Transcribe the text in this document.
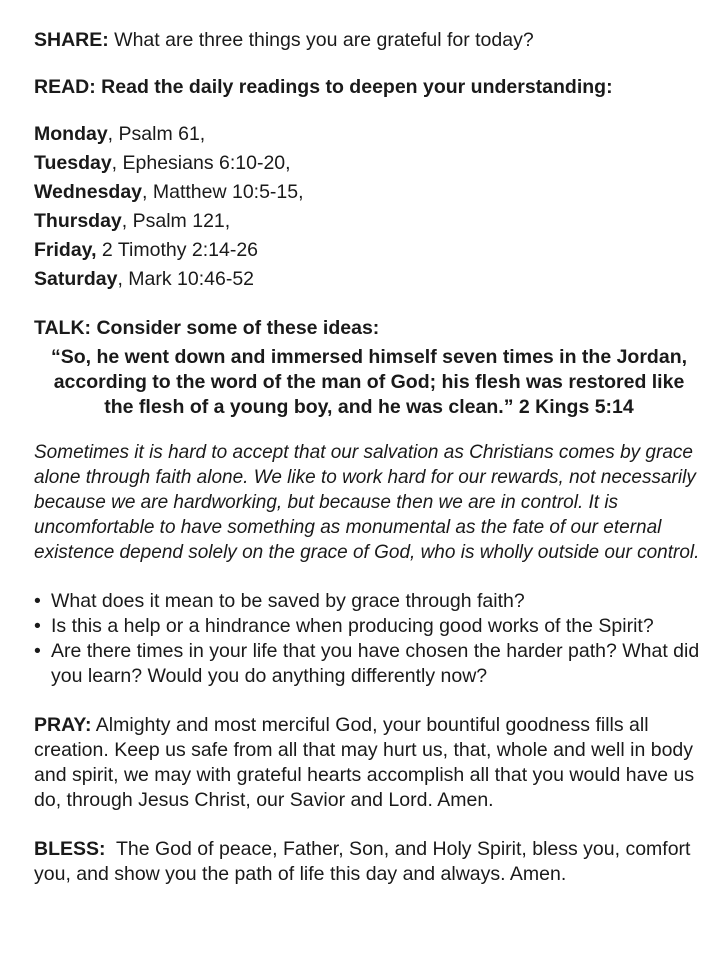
SHARE: What are three things you are grateful for today?

READ: Read the daily readings to deepen your understanding:

Monday, Psalm 61,
Tuesday, Ephesians 6:10-20,
Wednesday, Matthew 10:5-15,
Thursday, Psalm 121,
Friday, 2 Timothy 2:14-26
Saturday, Mark 10:46-52

TALK: Consider some of these ideas:

“So, he went down and immersed himself seven times in the Jordan, according to the word of the man of God; his flesh was restored like the flesh of a young boy, and he was clean.” 2 Kings 5:14

Sometimes it is hard to accept that our salvation as Christians comes by grace alone through faith alone. We like to work hard for our rewards, not necessarily because we are hardworking, but because then we are in control. It is uncomfortable to have something as monumental as the fate of our eternal existence depend solely on the grace of God, who is wholly outside our control.

• What does it mean to be saved by grace through faith?
• Is this a help or a hindrance when producing good works of the Spirit?
• Are there times in your life that you have chosen the harder path? What did you learn? Would you do anything differently now?

PRAY: Almighty and most merciful God, your bountiful goodness fills all creation. Keep us safe from all that may hurt us, that, whole and well in body and spirit, we may with grateful hearts accomplish all that you would have us do, through Jesus Christ, our Savior and Lord. Amen.

BLESS:  The God of peace, Father, Son, and Holy Spirit, bless you, comfort you, and show you the path of life this day and always. Amen.
